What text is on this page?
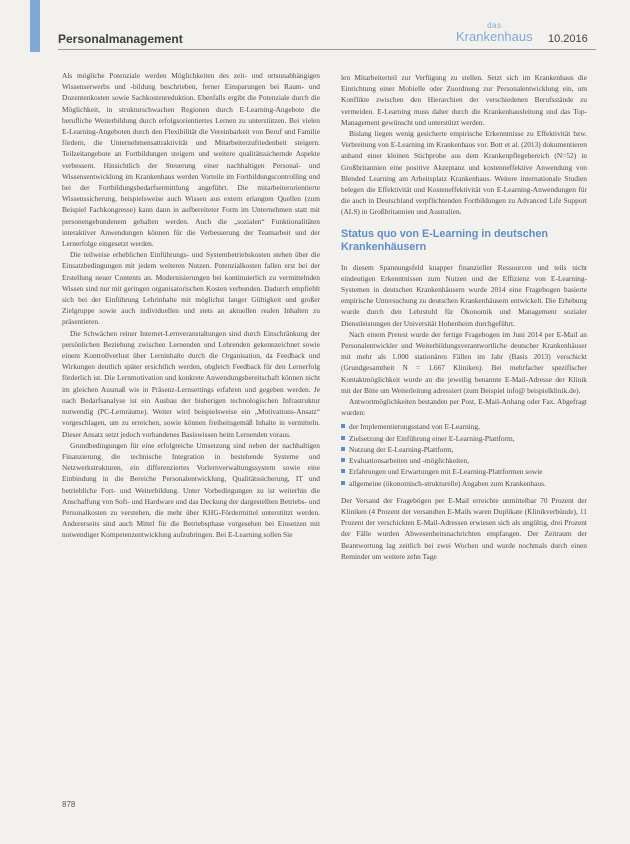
Personalmanagement
das
Krankenhaus 10.2016

Als mögliche Potenziale werden Möglichkeiten des zeit- und ortsunabhängigen Wissenserwerbs und -bildung beschrieben, ferner Einsparungen bei Raum- und Dozentenkosten sowie Sachkostenreduktion. Ebenfalls ergibt die Potenziale durch die Möglichkeit, in strukturschwachen Regionen durch E-Learning-Angebote die berufliche Weiterbildung durch erfolgsorientiertes Lernen zu unterstützen. Bei vielen E-Learning-Angeboten durch den Flexibilität die Vereinbarkeit von Beruf und Familie fördern, die Unternehmensattraktivität und Mitarbeiterzufriedenheit steigern. Teilzeitangebote an Fortbildungen steigern und weitere qualitätssichernde Aspekte verbessern. Hinsichtlich der Steuerung einer nachhaltigen Personal- und Wissensentwicklung im Krankenhaus werden Vorteile im Fortbildungscontrolling und bei der Fortbildungsbedarfsermittlung angeführt. Die mitarbeiterorientierte Wissenssicherung, beispielsweise auch Wissen aus extern erlangten Quellen (zum Beispiel Fachkongresse) kann dann in aufbereiteter Form im Unternehmen statt mit personengebundenem gehalten werden. Auch die „sozialen“ Funktionalitäten interaktiver Anwendungen können für die Verbesserung der Teamarbeit und der Lernerfolge eingesetzt werden.

Die teilweise erheblichen Einführungs- und Systembetriebskosten stehen über die Einsatzbedingungen mit jedem weiteren Nutzen. Potenzialkosten fallen erst bei der Erstellung neuer Contents an. Modernisierungen bei kontinuierlich zu vermittelnden Wissen sind nur mit geringen organisatorischen Kosten verbunden. Dadurch empfiehlt sich bei der Einführung Lehrinhalte mit möglichst langer Gültigkeit und großer Zielgruppe sowie auch individuellen und stets an aktuellen realen Inhalten zu präsentieren.

Die Schwächen reiner Internet-Lernveranstaltungen sind durch Einschränkung der persönlichen Beziehung zwischen Lernenden und Lehrenden gekennzeichnet sowie einem Kontrollverlust über Lerninhalte durch die Organisation, da Feedback und Wirkungen deutlich später ersichtlich werden, obgleich Feedback für den Lernerfolg förderlich ist. Die Lernmotivation und konkrete Anwendungsbereitschaft können nicht im gleichen Ausmaß wie in Präsenz-Lernsettings erfahren und gegeben werden. Je nach Bedarfsanalyse ist ein Ausbau der bisherigen technologischen Infrastruktur notwendig (PC-Lernräume). Weiter wird beispielsweise ein „Motivations-Ansatz“ vorgeschlagen, um zu erreichen, sowie können freiheitsgemäß Inhalte in vermitteln. Dieser Ansatz setzt jedoch vorhandenes Basiswissen beim Lernenden voraus.

Grundbedingungen für eine erfolgreiche Umsetzung sind neben der nachhaltigen Finanzierung die technische Integration in bestehende Systeme und Netzwerkstrukturen, ein differenziertes Vorlernverwaltungssystem sowie eine Einbindung in die Bereiche Personalentwicklung, Qualitätssicherung, IT und betriebliche Fort- und Weiterbildung. Unter Vorbedingungen zu ist weiterhin die Anschaffung von Soft- und Hardware und das Deckung der dargestellten Betriebs- und Personalkosten zu verstehen, die mehr über KHG-Fördermittel unterstützt werden. Andererseits sind auch Mittel für die Betriebsphase vorgesehen bei Einsetzen mit notwendiger Kompetenzentwicklung aufzubringen. Bei E-Learning sollen Sie

len Mitarbeiterteil zur Verfügung zu stellen. Setzt sich im Krankenhaus die Einrichtung einer Mobielle oder Zuordnung zur Personalentwicklung ein, um Konflikte zwischen den Hierarchien der verschiedenen Berufsstände zu vermeiden. E-Learning muss daher durch die Krankenhausleitung und das Top-Management gewünscht und unterstützt werden.

Bislang liegen wenig gesicherte empirische Erkenntnisse zu Effektivität bzw. Verbreitung von E-Learning im Krankenhaus vor. Bott et al. (2013) dokumentieren anhand einer kleinen Stichprobe aus dem Krankenpflegebereich (N=52) in Großbritannien eine positive Akzeptanz und kostenneffektive Anwendung von Blended Learning am Arbeitsplatz Krankenhaus. Weitere internationale Studien belegen die Effektivität und Kosteneffektivität von E-Learning-Anwendungen für die auch in Deutschland verpflichtenden Fortbildungen zu Advanced Life Support (ALS) in Großbritannien und Australien.

Status quo von E-Learning in deutschen Krankenhäusern

In diesem Spannungsfeld knapper finanzieller Ressourcen und teils nicht eindeutigen Erkenntnissen zum Nutzen und der Effizienz von E-Learning-Systemen in deutschen Krankenhäusern wurde 2014 eine Fragebogen basierte empirische Untersuchung zu deutschen Krankenhäusern entwickelt. Die Erhebung wurde durch den Lehrstuhl für Ökonomik und Management sozialer Dienstleistungen der Universität Hohenheim durchgeführt.

Nach einem Pretest wurde der fertige Fragebogen im Juni 2014 per E-Mail an Personalentwickler und Weiterbildungsverantwortliche deutscher Krankenhäuser mit mehr als 1.000 stationären Fällen im Jahr (Basis 2013) verschickt (Grundgesamtheit N = 1.667 Kliniken). Bei mehrfacher spezifischer Kontaktmöglichkeit wurde an die jeweilig benannte E-Mail-Adresse der Klinik mit der Bitte um Weiterleitung adressiert (zum Beispiel info@ beispielklinik.de).

Antwortmöglichkeiten bestanden per Post, E-Mail-Anhang oder Fax. Abgefragt wurden:

der Implementierungsstand von E-Learning,
Zielsetzung der Einführung einer E-Learning-Plattform,
Nutzung der E-Learning-Plattform,
Evaluationsarbeiten und -möglichkeiten,
Erfahrungen und Erwartungen mit E-Learning-Plattformen sowie
allgemeine (ökonomisch-strukturelle) Angaben zum Krankenhaus.

Der Versand der Fragebögen per E-Mail erreichte unmittelbar 70 Prozent der Kliniken (4 Prozent der versandten E-Mails waren Duplikate (Klinikverbünde), 11 Prozent der verschickten E-Mail-Adressen erwiesen sich als ungültig, drei Prozent der Fälle wurden Abwesenheitsnachrichten empfangen. Der Zeitraum der Beantwortung lag zeitlich bei zwei Wochen und wurde nochmals durch einen Reminder um weitere zehn Tage

878
